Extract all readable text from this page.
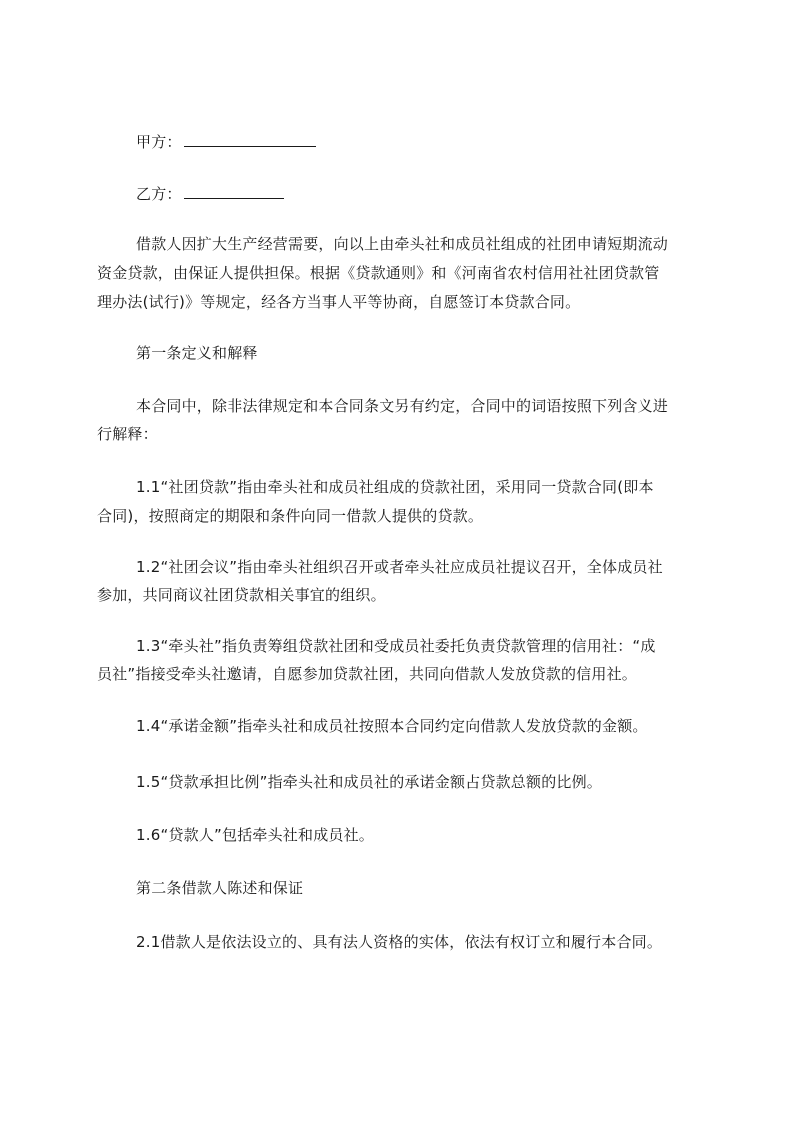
甲方：
乙方：
借款人因扩大生产经营需要，向以上由牵头社和成员社组成的社团申请短期流动
资金贷款，由保证人提供担保。根据《贷款通则》和《河南省农村信用社社团贷款管
理办法(试行)》等规定，经各方当事人平等协商，自愿签订本贷款合同。
第一条定义和解释
本合同中，除非法律规定和本合同条文另有约定，合同中的词语按照下列含义进
行解释：
1.1“社团贷款”指由牵头社和成员社组成的贷款社团，采用同一贷款合同(即本
合同)，按照商定的期限和条件向同一借款人提供的贷款。
1.2“社团会议”指由牵头社组织召开或者牵头社应成员社提议召开，全体成员社
参加，共同商议社团贷款相关事宜的组织。
1.3“牵头社”指负责筹组贷款社团和受成员社委托负责贷款管理的信用社：“成
员社”指接受牵头社邀请，自愿参加贷款社团，共同向借款人发放贷款的信用社。
1.4“承诺金额”指牵头社和成员社按照本合同约定向借款人发放贷款的金额。
1.5“贷款承担比例”指牵头社和成员社的承诺金额占贷款总额的比例。
1.6“贷款人”包括牵头社和成员社。
第二条借款人陈述和保证
2.1借款人是依法设立的、具有法人资格的实体，依法有权订立和履行本合同。
